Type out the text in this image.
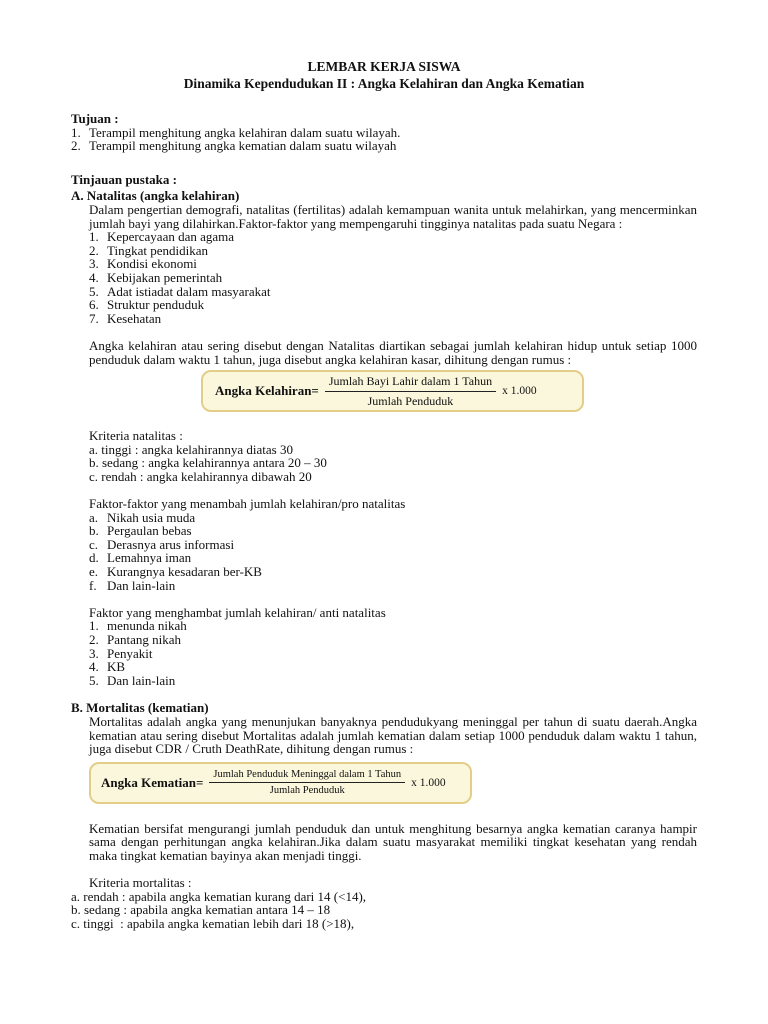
LEMBAR KERJA SISWA

Dinamika Kependudukan II : Angka Kelahiran dan Angka Kematian

Tujuan :

1. Terampil menghitung angka kelahiran dalam suatu wilayah.
2. Terampil menghitung angka kematian dalam suatu wilayah

Tinjauan pustaka :

A. Natalitas (angka kelahiran)

Dalam pengertian demografi, natalitas (fertilitas) adalah kemampuan wanita untuk melahirkan, yang mencerminkan jumlah bayi yang dilahirkan.Faktor-faktor yang mempengaruhi tingginya natalitas pada suatu Negara :

1. Kepercayaan dan agama
2. Tingkat pendidikan
3. Kondisi ekonomi
4. Kebijakan pemerintah
5. Adat istiadat dalam masyarakat
6. Struktur penduduk
7. Kesehatan

Angka kelahiran atau sering disebut dengan Natalitas diartikan sebagai jumlah kelahiran hidup untuk setiap 1000 penduduk dalam waktu 1 tahun, juga disebut angka kelahiran kasar, dihitung dengan rumus :

Angka Kelahiran= $\frac{\text{Jumlah Bayi Lahir dalam 1 Tahun}}{\text{Jumlah Penduduk}}$ x 1.000

Kriteria natalitas :

a. tinggi : angka kelahirannya diatas 30

b. sedang : angka kelahirannya antara 20 – 30

c. rendah : angka kelahirannya dibawah 20

Faktor-faktor yang menambah jumlah kelahiran/pro natalitas

a. Nikah usia muda
b. Pergaulan bebas
c. Derasnya arus informasi
d. Lemahnya iman
e. Kurangnya kesadaran ber-KB
f. Dan lain-lain

Faktor yang menghambat jumlah kelahiran/ anti natalitas

1. menunda nikah
2. Pantang nikah
3. Penyakit
4. KB
5. Dan lain-lain

B. Mortalitas (kematian)

Mortalitas adalah angka yang menunjukan banyaknya pendudukyang meninggal per tahun di suatu daerah.Angka kematian atau sering disebut Mortalitas adalah jumlah kematian dalam setiap 1000 penduduk dalam waktu 1 tahun, juga disebut CDR / Cruth DeathRate, dihitung dengan rumus :

Angka Kematian= $\frac{\text{Jumlah Penduduk Meninggal dalam 1 Tahun}}{\text{Jumlah Penduduk}}$ x 1.000

Kematian bersifat mengurangi jumlah penduduk dan untuk menghitung besarnya angka kematian caranya hampir sama dengan perhitungan angka kelahiran.Jika dalam suatu masyarakat memiliki tingkat kesehatan yang rendah maka tingkat kematian bayinya akan menjadi tinggi.

Kriteria mortalitas :

a. rendah : apabila angka kematian kurang dari 14 (<14),

b. sedang : apabila angka kematian antara 14 – 18

c. tinggi  : apabila angka kematian lebih dari 18 (>18),
